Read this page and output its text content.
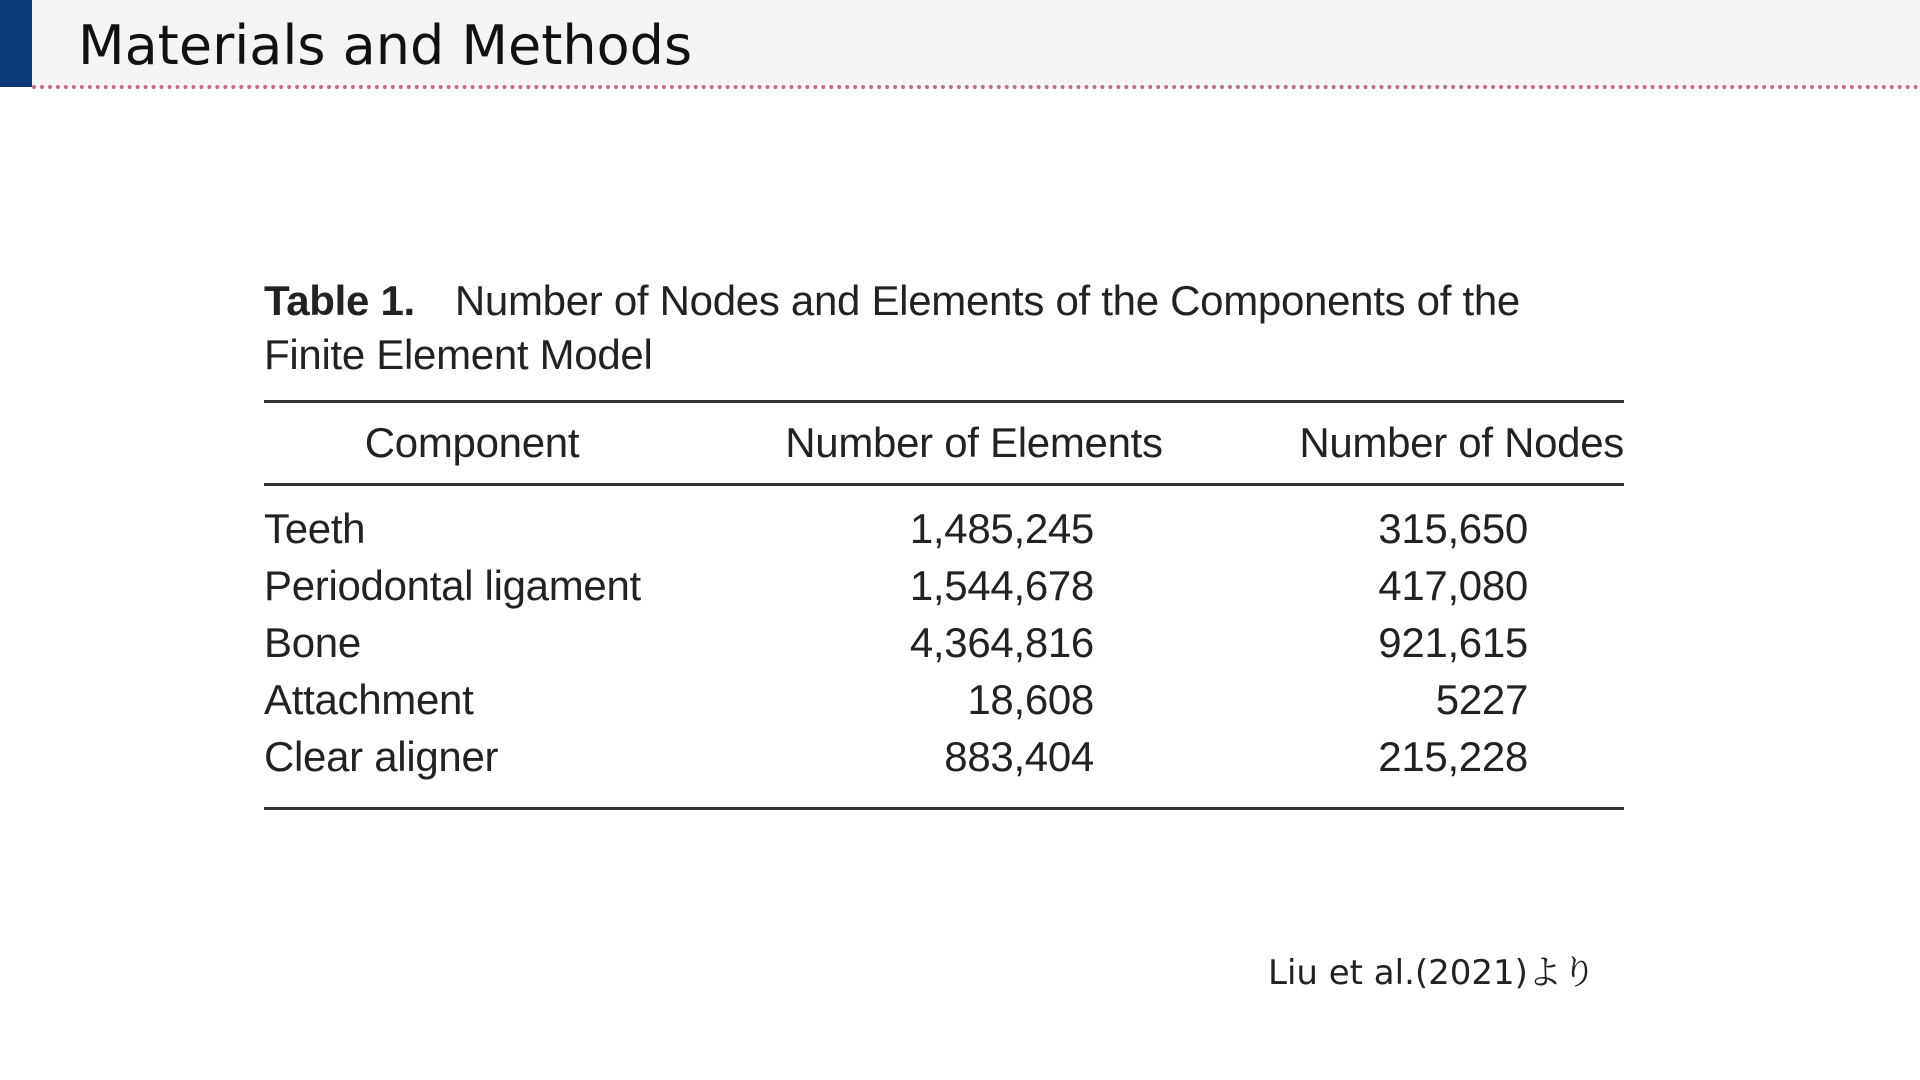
Materials and Methods

Table 1. Number of Nodes and Elements of the Components of the Finite Element Model

Component	Number of Elements	Number of Nodes
Teeth	1,485,245	315,650
Periodontal ligament	1,544,678	417,080
Bone	4,364,816	921,615
Attachment	18,608	5227
Clear aligner	883,404	215,228
Liu et al.(2021)より
